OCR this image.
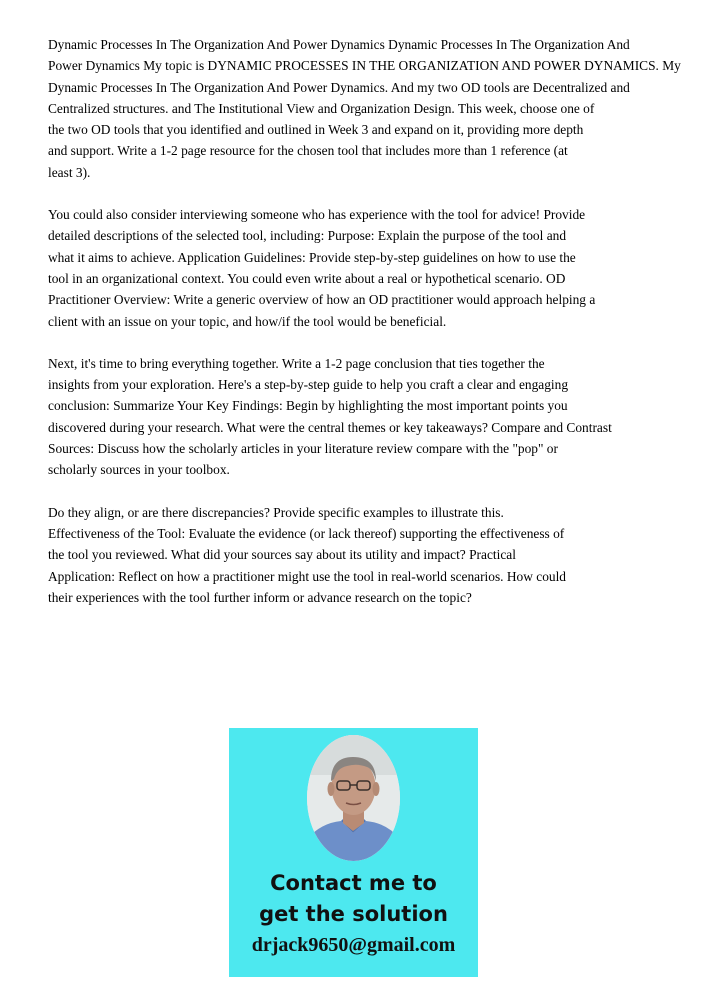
Dynamic Processes In The Organization And Power Dynamics Dynamic Processes In The Organization And
Power Dynamics My topic is DYNAMIC PROCESSES IN THE ORGANIZATION AND POWER DYNAMICS. My
Dynamic Processes In The Organization And Power Dynamics. And my two OD tools are Decentralized and
Centralized structures. and The Institutional View and Organization Design. This week, choose one of
the two OD tools that you identified and outlined in Week 3 and expand on it, providing more depth
and support. Write a 1-2 page resource for the chosen tool that includes more than 1 reference (at
least 3).

You could also consider interviewing someone who has experience with the tool for advice! Provide
detailed descriptions of the selected tool, including: Purpose: Explain the purpose of the tool and
what it aims to achieve. Application Guidelines: Provide step-by-step guidelines on how to use the
tool in an organizational context. You could even write about a real or hypothetical scenario. OD
Practitioner Overview: Write a generic overview of how an OD practitioner would approach helping a
client with an issue on your topic, and how/if the tool would be beneficial.

Next, it's time to bring everything together. Write a 1-2 page conclusion that ties together the
insights from your exploration. Here's a step-by-step guide to help you craft a clear and engaging
conclusion: Summarize Your Key Findings: Begin by highlighting the most important points you
discovered during your research. What were the central themes or key takeaways? Compare and Contrast
Sources: Discuss how the scholarly articles in your literature review compare with the "pop" or
scholarly sources in your toolbox.

Do they align, or are there discrepancies? Provide specific examples to illustrate this.
Effectiveness of the Tool: Evaluate the evidence (or lack thereof) supporting the effectiveness of
the tool you reviewed. What did your sources say about its utility and impact? Practical
Application: Reflect on how a practitioner might use the tool in real-world scenarios. How could
their experiences with the tool further inform or advance research on the topic?

Contact me to
get the solution
drjack9650@gmail.com
